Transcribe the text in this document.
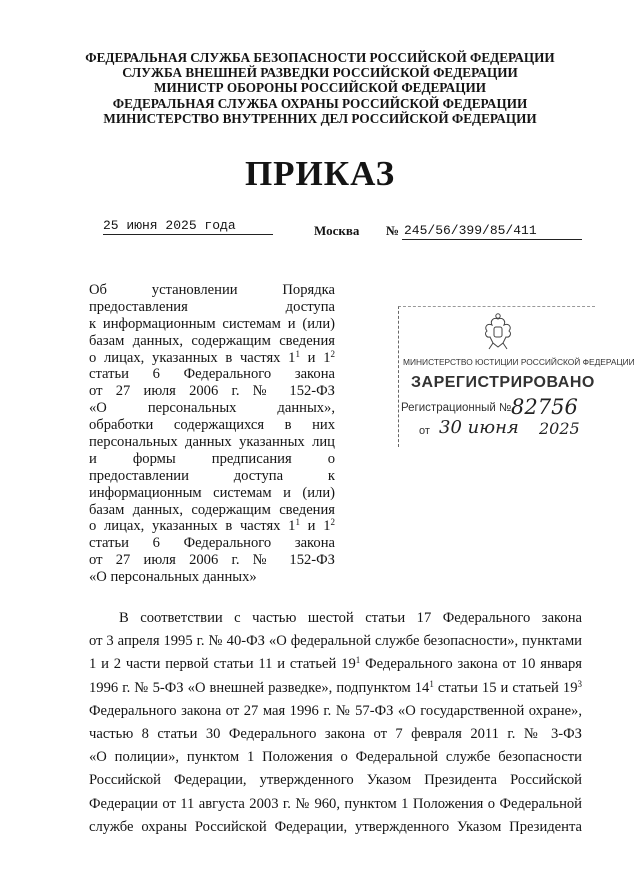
ФЕДЕРАЛЬНАЯ СЛУЖБА БЕЗОПАСНОСТИ РОССИЙСКОЙ ФЕДЕРАЦИИ
СЛУЖБА ВНЕШНЕЙ РАЗВЕДКИ РОССИЙСКОЙ ФЕДЕРАЦИИ
МИНИСТР ОБОРОНЫ РОССИЙСКОЙ ФЕДЕРАЦИИ
ФЕДЕРАЛЬНАЯ СЛУЖБА ОХРАНЫ РОССИЙСКОЙ ФЕДЕРАЦИИ
МИНИСТЕРСТВО ВНУТРЕННИХ ДЕЛ РОССИЙСКОЙ ФЕДЕРАЦИИ
ПРИКАЗ
25 июня 2025 года	Москва № 245/56/399/85/411
Об установлении Порядка
предоставления доступа
к информационным системам и (или)
базам данных, содержащим сведения
о лицах, указанных в частях $1^1$ и $1^2$
статьи 6 Федерального закона
от 27 июля 2006 г. № 152-ФЗ
«О персональных данных»,
обработки содержащихся в них
персональных данных указанных лиц
и формы предписания о
предоставлении доступа к
информационным системам и (или)
базам данных, содержащим сведения
о лицах, указанных в частях $1^1$ и $1^2$
статьи 6 Федерального закона
от 27 июля 2006 г. № 152-ФЗ
«О персональных данных»
МИНИСТЕРСТВО ЮСТИЦИИ РОССИЙСКОЙ ФЕДЕРАЦИИ
ЗАРЕГИСТРИРОВАНО
Регистрационный № 82756
от 30 июня 2025
В соответствии с частью шестой статьи 17 Федерального закона
от 3 апреля 1995 г. № 40-ФЗ «О федеральной службе безопасности», пунктами
1 и 2 части первой статьи 11 и статьей $19^1$ Федерального закона от 10 января
1996 г. № 5-ФЗ «О внешней разведке», подпунктом $14^1$ статьи 15 и статьей $19^3$
Федерального закона от 27 мая 1996 г. № 57-ФЗ «О государственной охране»,
частью 8 статьи 30 Федерального закона от 7 февраля 2011 г. № 3-ФЗ
«О полиции», пунктом 1 Положения о Федеральной службе безопасности
Российской Федерации, утвержденного Указом Президента Российской
Федерации от 11 августа 2003 г. № 960, пунктом 1 Положения о Федеральной
службе охраны Российской Федерации, утвержденного Указом Президента
